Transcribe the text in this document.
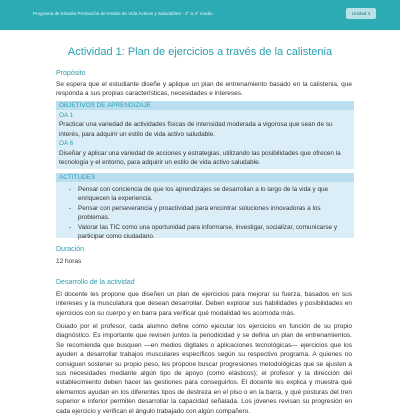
Programa de Estudio Promoción de Estilos de Vida Activos y Saludables - 3° a 4° medio	Unidad 4
Actividad 1: Plan de ejercicios a través de la calistenia
Propósito
Se espera que el estudiante diseñe y aplique un plan de entrenamiento basado en la calistenia, que responda a sus propias características, necesidades e intereses.
OBJETIVOS DE APRENDIZAJE
OA 1
Practicar una variedad de actividades físicas de intensidad moderada a vigorosa que sean de su interés, para adquirir un estilo de vida activo saludable.
OA 6
Diseñar y aplicar una variedad de acciones y estrategias, utilizando las posibilidades que ofrecen la tecnología y el entorno, para adquirir un estilo de vida activo saludable.
ACTITUDES
- Pensar con conciencia de que los aprendizajes se desarrollan a lo largo de la vida y que enriquecen la experiencia.
- Pensar con perseverancia y proactividad para encontrar soluciones innovadoras a los problemas.
- Valorar las TIC como una oportunidad para informarse, investigar, socializar, comunicarse y participar como ciudadano.
Duración
12 horas
Desarrollo de la actividad
El docente les propone que diseñen un plan de ejercicios para mejorar su fuerza, basados en sus intereses y la musculatura que desean desarrollar. Deben explorar sus habilidades y posibilidades en ejercicios con su cuerpo y en barra para verificar qué modalidad les acomoda más.
Guiado por el profesor, cada alumno define cómo ejecutar los ejercicios en función de su propio diagnóstico. Es importante que revisen juntos la periodicidad y se defina un plan de entrenamientos. Se recomienda que busquen —en medios digitales o aplicaciones tecnológicas— ejercicios que los ayuden a desarrollar trabajos musculares específicos según su respectivo programa. A quienes no consiguen sostener su propio peso, les propone buscar progresiones metodológicas que se ajusten a sus necesidades mediante algún tipo de apoyo (como elásticos); el profesor y la dirección del establecimiento deben hacer las gestiones para conseguirlos. El docente les explica y muestra qué elementos ayudan en los diferentes tipos de destreza en el piso o en la barra, y qué posturas del tren superior e inferior permiten desarrollar la capacidad señalada. Los jóvenes revisan su progresión en cada ejercicio y verifican el ángulo trabajado con algún compañero.
